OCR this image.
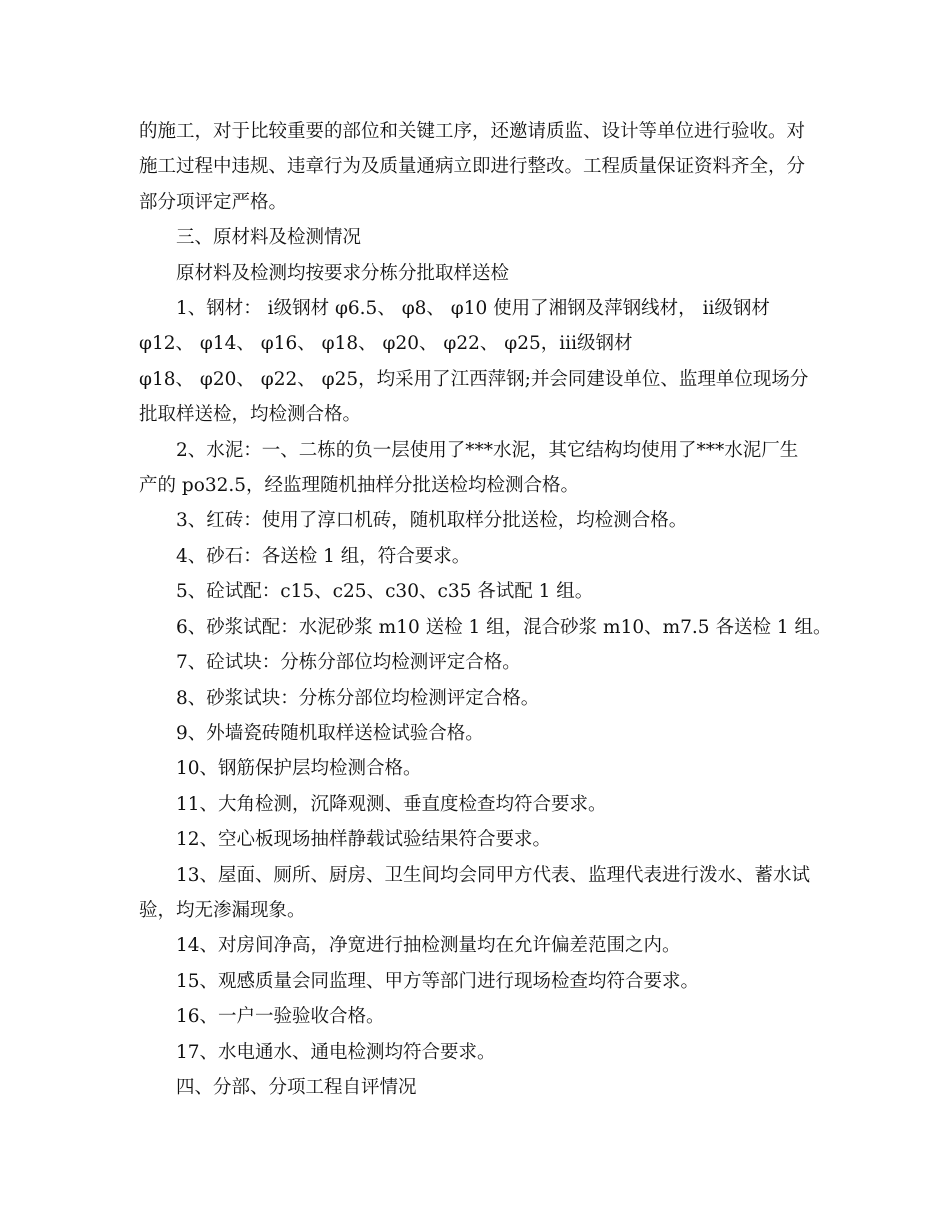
的施工，对于比较重要的部位和关键工序，还邀请质监、设计等单位进行验收。对

施工过程中违规、违章行为及质量通病立即进行整改。工程质量保证资料齐全，分

部分项评定严格。

三、原材料及检测情况

原材料及检测均按要求分栋分批取样送检

1、钢材： ⅰ级钢材 φ6.5、 φ8、 φ10 使用了湘钢及萍钢线材， ⅱ级钢材

φ12、 φ14、 φ16、 φ18、 φ20、 φ22、 φ25，ⅲ级钢材

φ18、 φ20、 φ22、 φ25，均采用了江西萍钢;并会同建设单位、监理单位现场分

批取样送检，均检测合格。

2、水泥：一、二栋的负一层使用了***水泥，其它结构均使用了***水泥厂生

产的 po32.5，经监理随机抽样分批送检均检测合格。

3、红砖：使用了淳口机砖，随机取样分批送检，均检测合格。

4、砂石：各送检 1 组，符合要求。

5、砼试配：c15、c25、c30、c35 各试配 1 组。

6、砂浆试配：水泥砂浆 m10 送检 1 组，混合砂浆 m10、m7.5 各送检 1 组。

7、砼试块：分栋分部位均检测评定合格。

8、砂浆试块：分栋分部位均检测评定合格。

9、外墙瓷砖随机取样送检试验合格。

10、钢筋保护层均检测合格。

11、大角检测，沉降观测、垂直度检查均符合要求。

12、空心板现场抽样静载试验结果符合要求。

13、屋面、厕所、厨房、卫生间均会同甲方代表、监理代表进行泼水、蓄水试

验，均无渗漏现象。

14、对房间净高，净宽进行抽检测量均在允许偏差范围之内。

15、观感质量会同监理、甲方等部门进行现场检查均符合要求。

16、一户一验验收合格。

17、水电通水、通电检测均符合要求。

四、分部、分项工程自评情况
